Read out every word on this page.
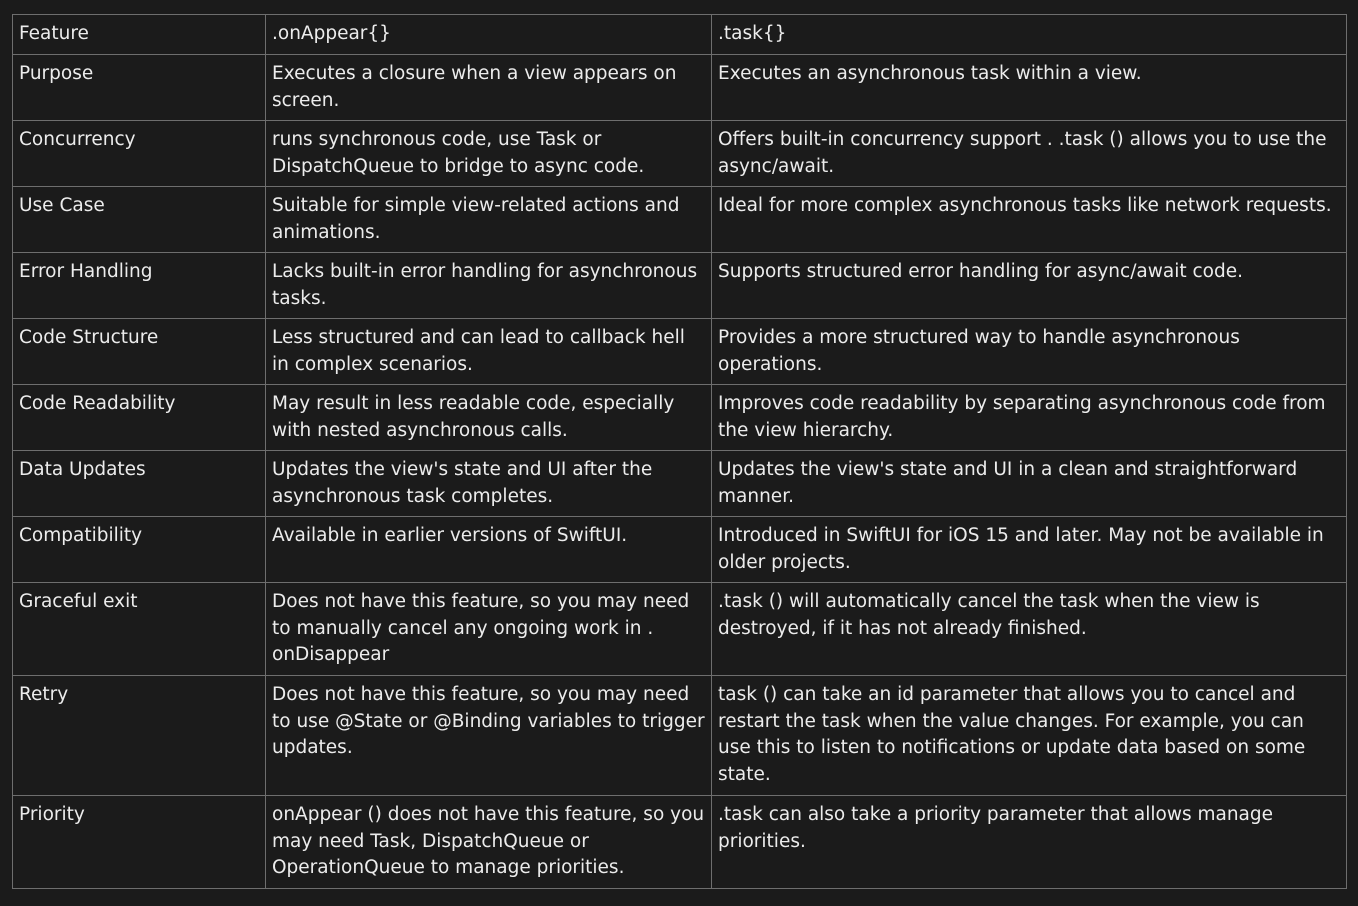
Feature	.onAppear{}	.task{}
Purpose	Executes a closure when a view appears on screen.	Executes an asynchronous task within a view.
Concurrency	runs synchronous code, use Task or DispatchQueue to bridge to async code.	Offers built-in concurrency support . .task () allows you to use the async/await.
Use Case	Suitable for simple view-related actions and animations.	Ideal for more complex asynchronous tasks like network requests.
Error Handling	Lacks built-in error handling for asynchronous tasks.	Supports structured error handling for async/await code.
Code Structure	Less structured and can lead to callback hell in complex scenarios.	Provides a more structured way to handle asynchronous operations.
Code Readability	May result in less readable code, especially with nested asynchronous calls.	Improves code readability by separating asynchronous code from the view hierarchy.
Data Updates	Updates the view's state and UI after the asynchronous task completes.	Updates the view's state and UI in a clean and straightforward manner.
Compatibility	Available in earlier versions of SwiftUI.	Introduced in SwiftUI for iOS 15 and later. May not be available in older projects.
Graceful exit	Does not have this feature, so you may need to manually cancel any ongoing work in . onDisappear	.task () will automatically cancel the task when the view is destroyed, if it has not already finished.
Retry	Does not have this feature, so you may need to use @State or @Binding variables to trigger updates.	task () can take an id parameter that allows you to cancel and restart the task when the value changes. For example, you can use this to listen to notifications or update data based on some state.
Priority	onAppear () does not have this feature, so you may need Task, DispatchQueue or OperationQueue to manage priorities.	.task can also take a priority parameter that allows manage priorities.
